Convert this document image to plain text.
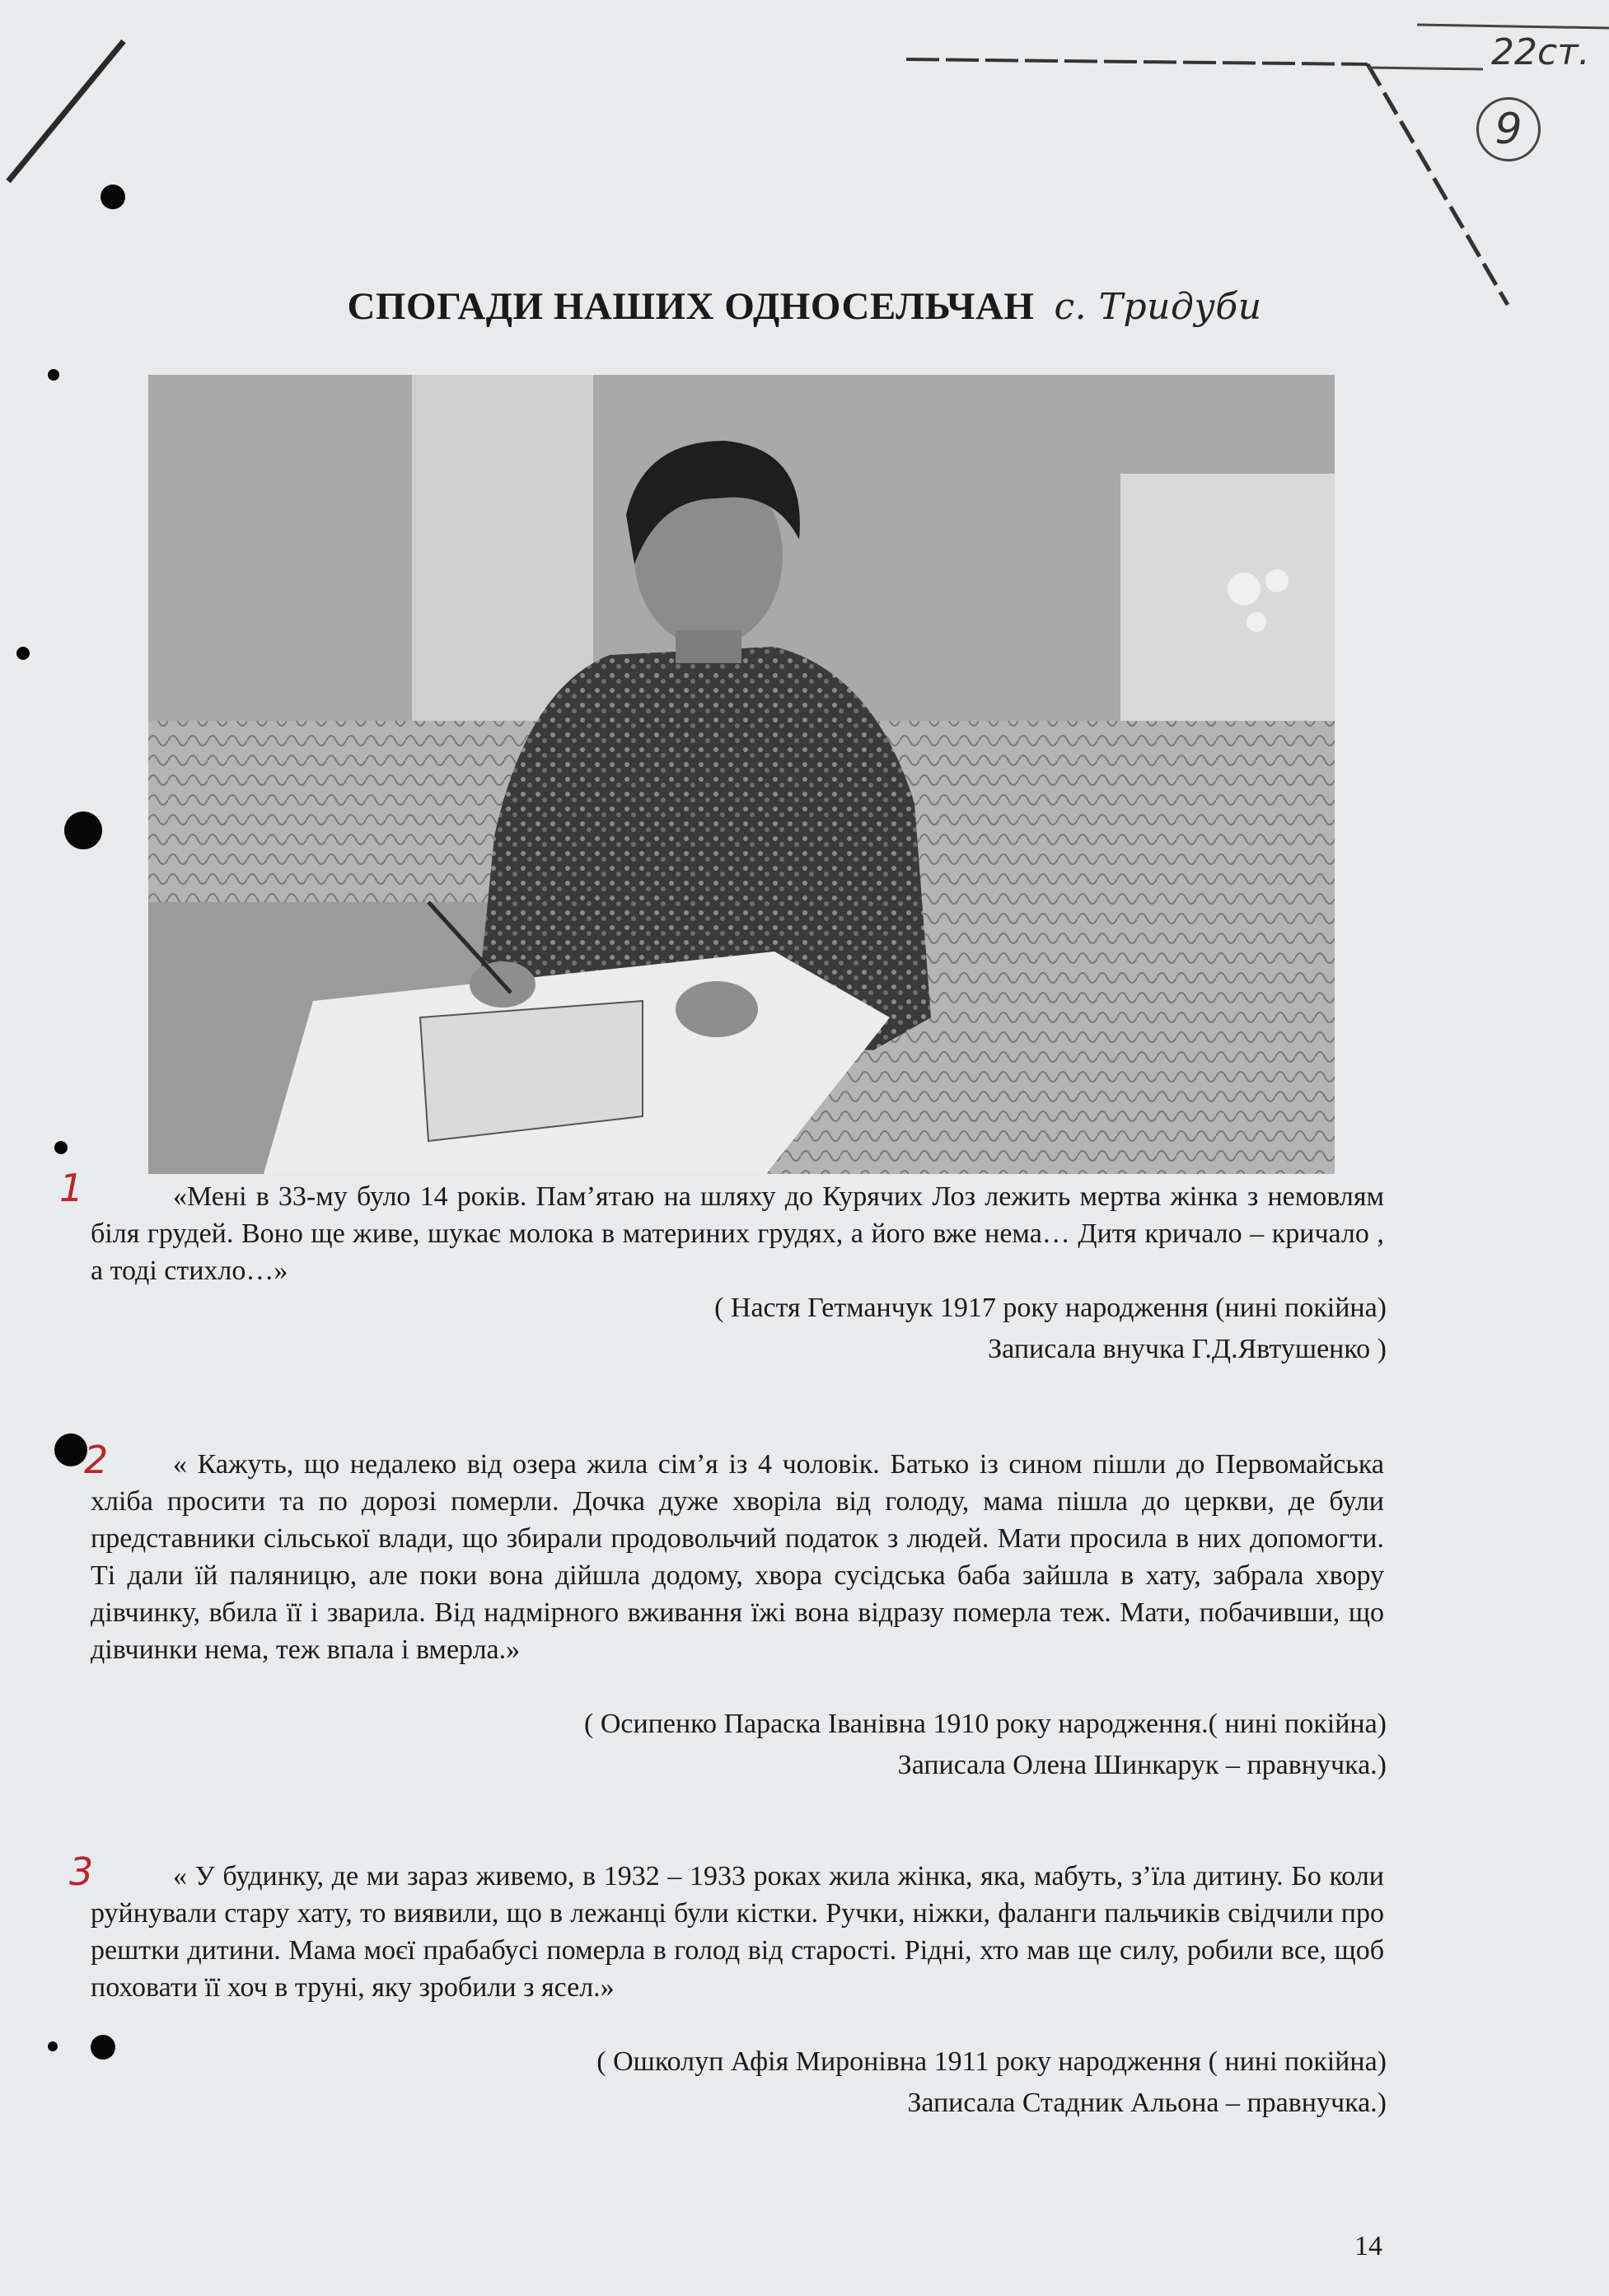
22ст.
9
СПОГАДИ НАШИХ ОДНОСЕЛЬЧАН с. Тридуби
1	«Мені в 33-му було 14 років. Пам’ятаю на шляху до Курячих Лоз лежить мертва жінка з немовлям біля грудей. Воно ще живе, шукає молока в материних грудях, а його вже нема… Дитя кричало – кричало , а тоді стихло…»
( Настя Гетманчук 1917 року народження (нині покійна)
Записала внучка Г.Д.Явтушенко )
2	« Кажуть, що недалеко від озера жила сім’я із 4 чоловік. Батько із сином пішли до Первомайська хліба просити та по дорозі померли. Дочка дуже хворіла від голоду, мама пішла до церкви, де були представники сільської влади, що збирали продовольчий податок з людей. Мати просила в них допомогти. Ті дали їй паляницю, але поки вона дійшла додому, хвора сусідська баба зайшла в хату, забрала хвору дівчинку, вбила її і зварила. Від надмірного вживання їжі вона відразу померла теж. Мати, побачивши, що дівчинки нема, теж впала і вмерла.»
( Осипенко Параска Іванівна 1910 року народження.( нині покійна)
Записала Олена Шинкарук – правнучка.)
3	« У будинку, де ми зараз живемо, в 1932 – 1933 роках жила жінка, яка, мабуть, з’їла дитину. Бо коли руйнували стару хату, то виявили, що в лежанці були кістки. Ручки, ніжки, фаланги пальчиків свідчили про рештки дитини. Мама моєї прабабусі померла в голод від старості. Рідні, хто мав ще силу, робили все, щоб поховати її хоч в труні, яку зробили з ясел.»
( Ошколуп Афія Миронівна 1911 року народження ( нині покійна)
Записала Стадник Альона – правнучка.)
14
